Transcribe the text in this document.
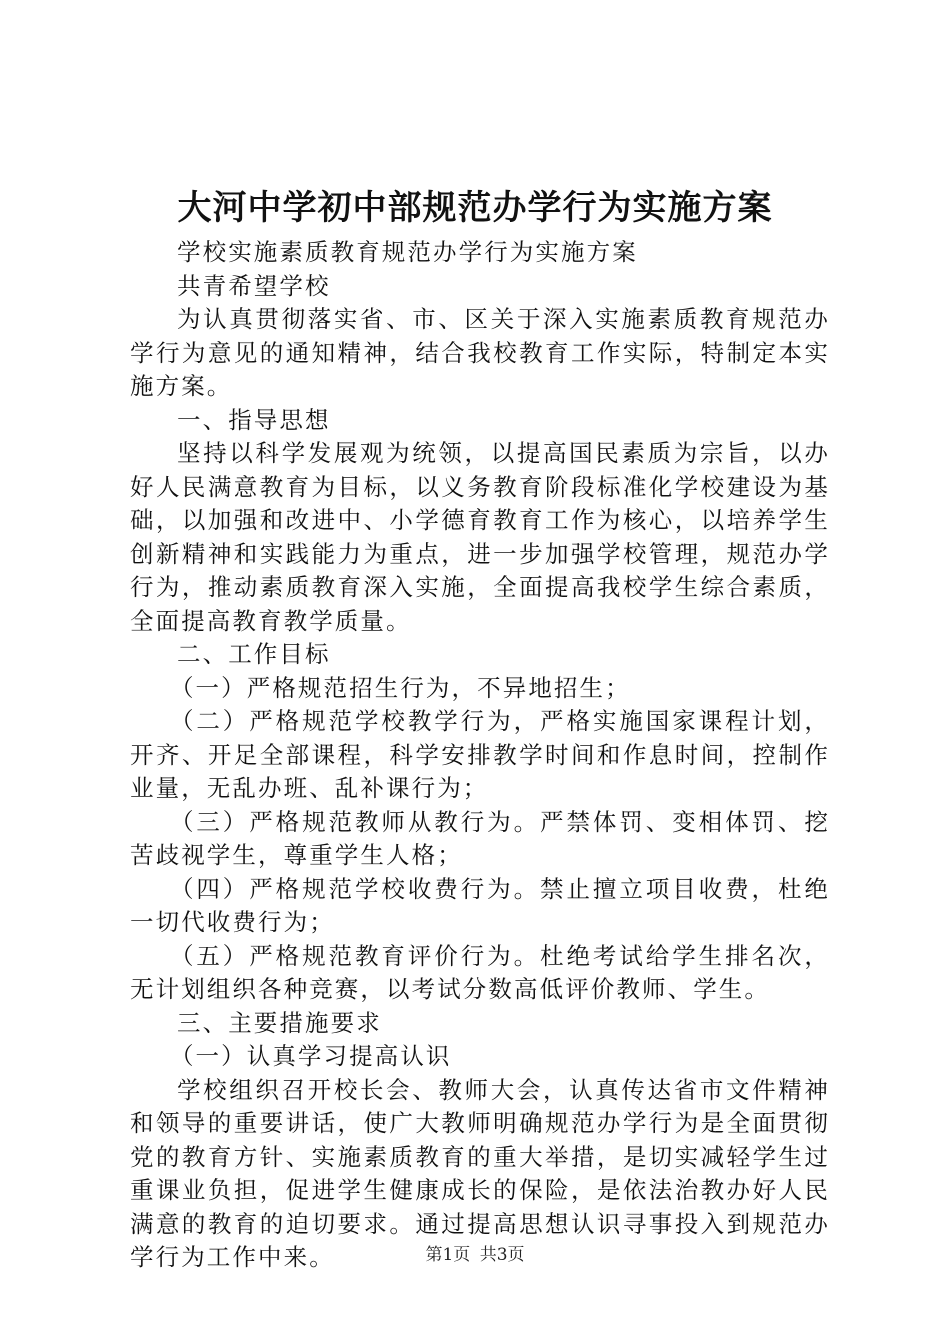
大河中学初中部规范办学行为实施方案

学校实施素质教育规范办学行为实施方案

共青希望学校

为认真贯彻落实省、市、区关于深入实施素质教育规范办学行为意见的通知精神，结合我校教育工作实际，特制定本实施方案。

一、指导思想

坚持以科学发展观为统领，以提高国民素质为宗旨，以办好人民满意教育为目标，以义务教育阶段标准化学校建设为基础，以加强和改进中、小学德育教育工作为核心，以培养学生创新精神和实践能力为重点，进一步加强学校管理，规范办学行为，推动素质教育深入实施，全面提高我校学生综合素质，全面提高教育教学质量。

二、工作目标

（一）严格规范招生行为，不异地招生；

（二）严格规范学校教学行为，严格实施国家课程计划，开齐、开足全部课程，科学安排教学时间和作息时间，控制作业量，无乱办班、乱补课行为；

（三）严格规范教师从教行为。严禁体罚、变相体罚、挖苦歧视学生，尊重学生人格；

（四）严格规范学校收费行为。禁止擅立项目收费，杜绝一切代收费行为；

（五）严格规范教育评价行为。杜绝考试给学生排名次，无计划组织各种竞赛，以考试分数高低评价教师、学生。

三、主要措施要求

（一）认真学习提高认识

学校组织召开校长会、教师大会，认真传达省市文件精神和领导的重要讲话，使广大教师明确规范办学行为是全面贯彻党的教育方针、实施素质教育的重大举措，是切实减轻学生过重课业负担，促进学生健康成长的保险，是依法治教办好人民满意的教育的迫切要求。通过提高思想认识寻事投入到规范办学行为工作中来。	第1页 共3页
